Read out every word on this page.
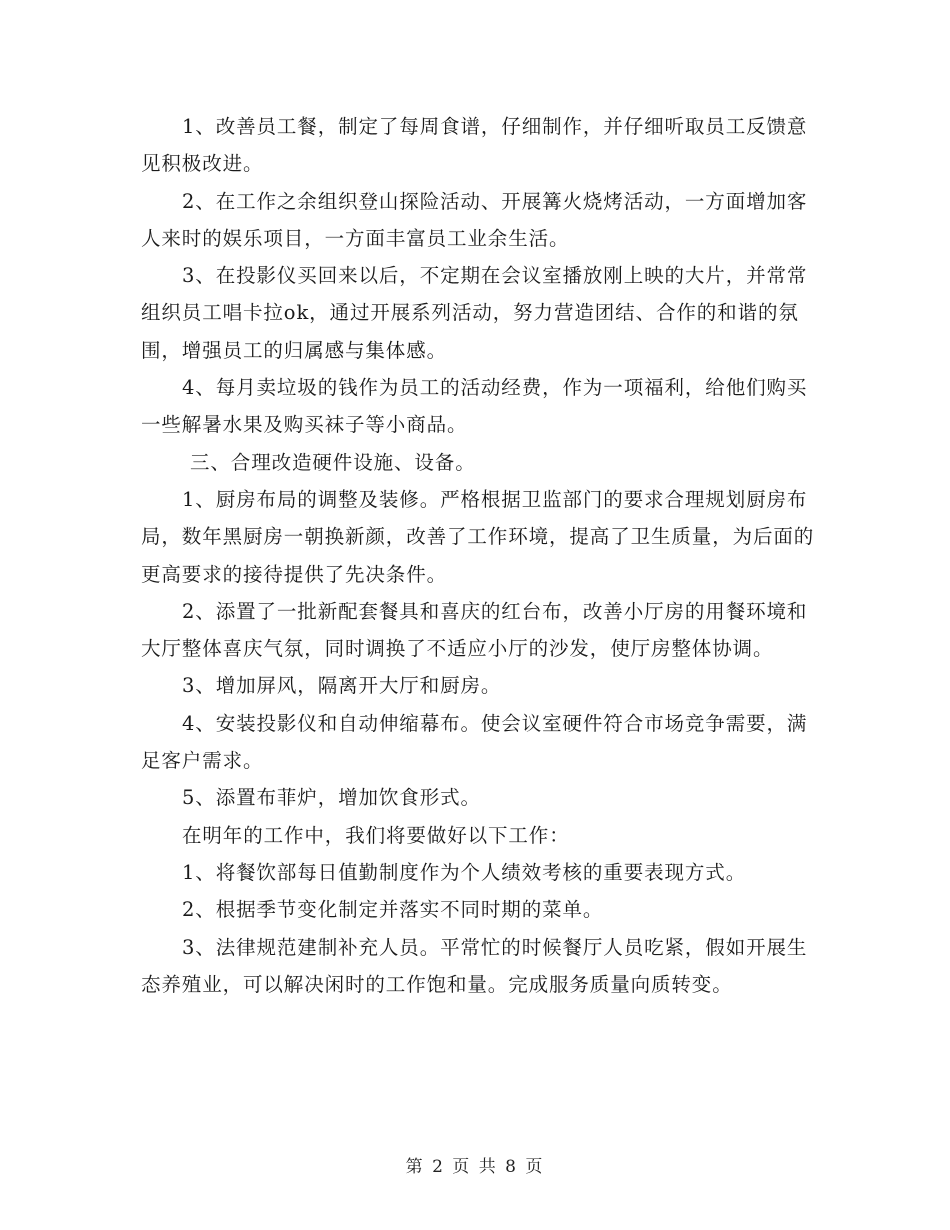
1、改善员工餐，制定了每周食谱，仔细制作，并仔细听取员工反馈意见积极改进。

2、在工作之余组织登山探险活动、开展篝火烧烤活动，一方面增加客人来时的娱乐项目，一方面丰富员工业余生活。

3、在投影仪买回来以后，不定期在会议室播放刚上映的大片，并常常组织员工唱卡拉ok，通过开展系列活动，努力营造团结、合作的和谐的氛围，增强员工的归属感与集体感。

4、每月卖垃圾的钱作为员工的活动经费，作为一项福利，给他们购买一些解暑水果及购买袜子等小商品。

三、合理改造硬件设施、设备。

1、厨房布局的调整及装修。严格根据卫监部门的要求合理规划厨房布局，数年黑厨房一朝换新颜，改善了工作环境，提高了卫生质量，为后面的更高要求的接待提供了先决条件。

2、添置了一批新配套餐具和喜庆的红台布，改善小厅房的用餐环境和大厅整体喜庆气氛，同时调换了不适应小厅的沙发，使厅房整体协调。

3、增加屏风，隔离开大厅和厨房。

4、安装投影仪和自动伸缩幕布。使会议室硬件符合市场竞争需要，满足客户需求。

5、添置布菲炉，增加饮食形式。

在明年的工作中，我们将要做好以下工作：

1、将餐饮部每日值勤制度作为个人绩效考核的重要表现方式。

2、根据季节变化制定并落实不同时期的菜单。

3、法律规范建制补充人员。平常忙的时候餐厅人员吃紧，假如开展生态养殖业，可以解决闲时的工作饱和量。完成服务质量向质转变。

第 2 页 共 8 页
